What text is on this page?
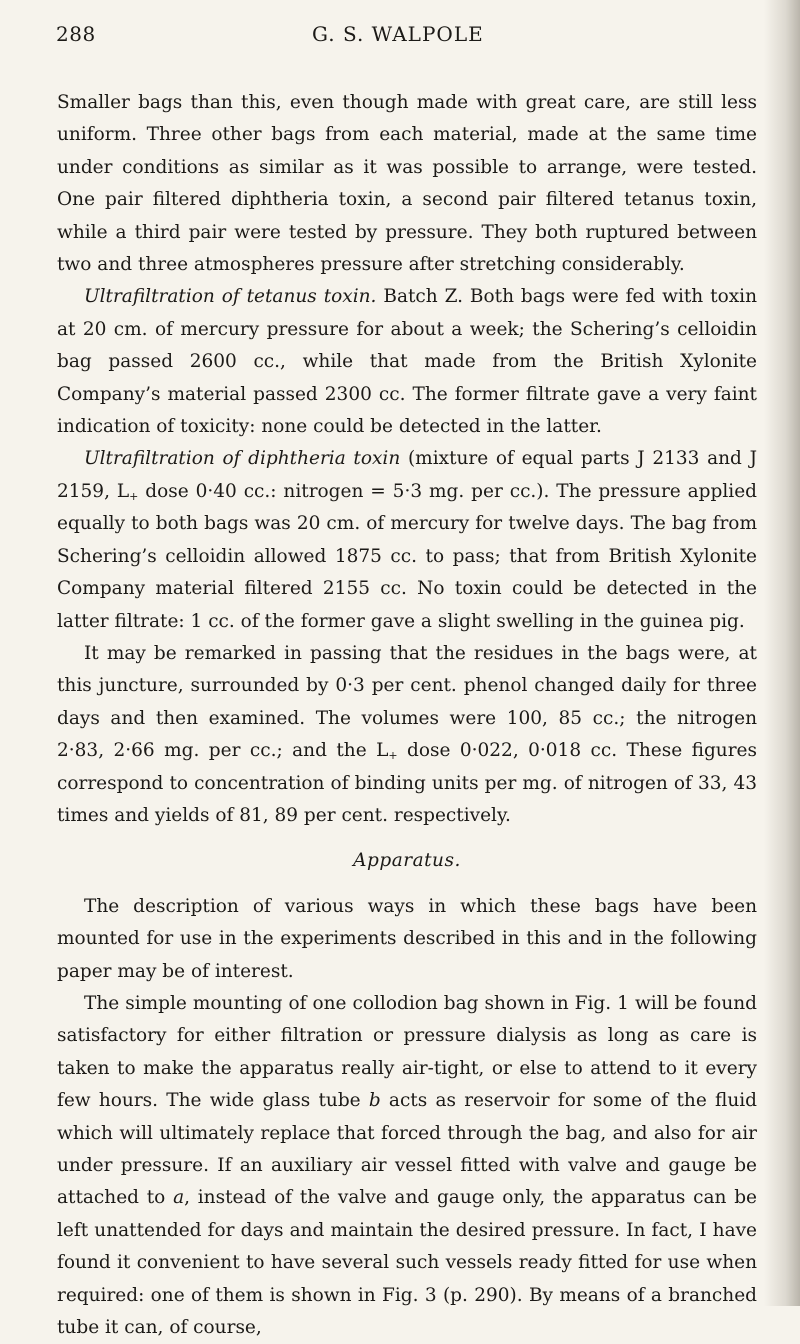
288	G. S. WALPOLE

Smaller bags than this, even though made with great care, are still less uniform. Three other bags from each material, made at the same time under conditions as similar as it was possible to arrange, were tested. One pair filtered diphtheria toxin, a second pair filtered tetanus toxin, while a third pair were tested by pressure. They both ruptured between two and three atmospheres pressure after stretching considerably.

Ultrafiltration of tetanus toxin. Batch Z. Both bags were fed with toxin at 20 cm. of mercury pressure for about a week; the Schering’s celloidin bag passed 2600 cc., while that made from the British Xylonite Company’s material passed 2300 cc. The former filtrate gave a very faint indication of toxicity: none could be detected in the latter.

Ultrafiltration of diphtheria toxin (mixture of equal parts J 2133 and J 2159, $L_+$ dose 0·40 cc.: nitrogen = 5·3 mg. per cc.). The pressure applied equally to both bags was 20 cm. of mercury for twelve days. The bag from Schering’s celloidin allowed 1875 cc. to pass; that from British Xylonite Company material filtered 2155 cc. No toxin could be detected in the latter filtrate: 1 cc. of the former gave a slight swelling in the guinea pig.

It may be remarked in passing that the residues in the bags were, at this juncture, surrounded by 0·3 per cent. phenol changed daily for three days and then examined. The volumes were 100, 85 cc.; the nitrogen 2·83, 2·66 mg. per cc.; and the $L_+$ dose 0·022, 0·018 cc. These figures correspond to concentration of binding units per mg. of nitrogen of 33, 43 times and yields of 81, 89 per cent. respectively.

Apparatus.

The description of various ways in which these bags have been mounted for use in the experiments described in this and in the following paper may be of interest.

The simple mounting of one collodion bag shown in Fig. 1 will be found satisfactory for either filtration or pressure dialysis as long as care is taken to make the apparatus really air-tight, or else to attend to it every few hours. The wide glass tube b acts as reservoir for some of the fluid which will ultimately replace that forced through the bag, and also for air under pressure. If an auxiliary air vessel fitted with valve and gauge be attached to a, instead of the valve and gauge only, the apparatus can be left unattended for days and maintain the desired pressure. In fact, I have found it convenient to have several such vessels ready fitted for use when required: one of them is shown in Fig. 3 (p. 290). By means of a branched tube it can, of course,
